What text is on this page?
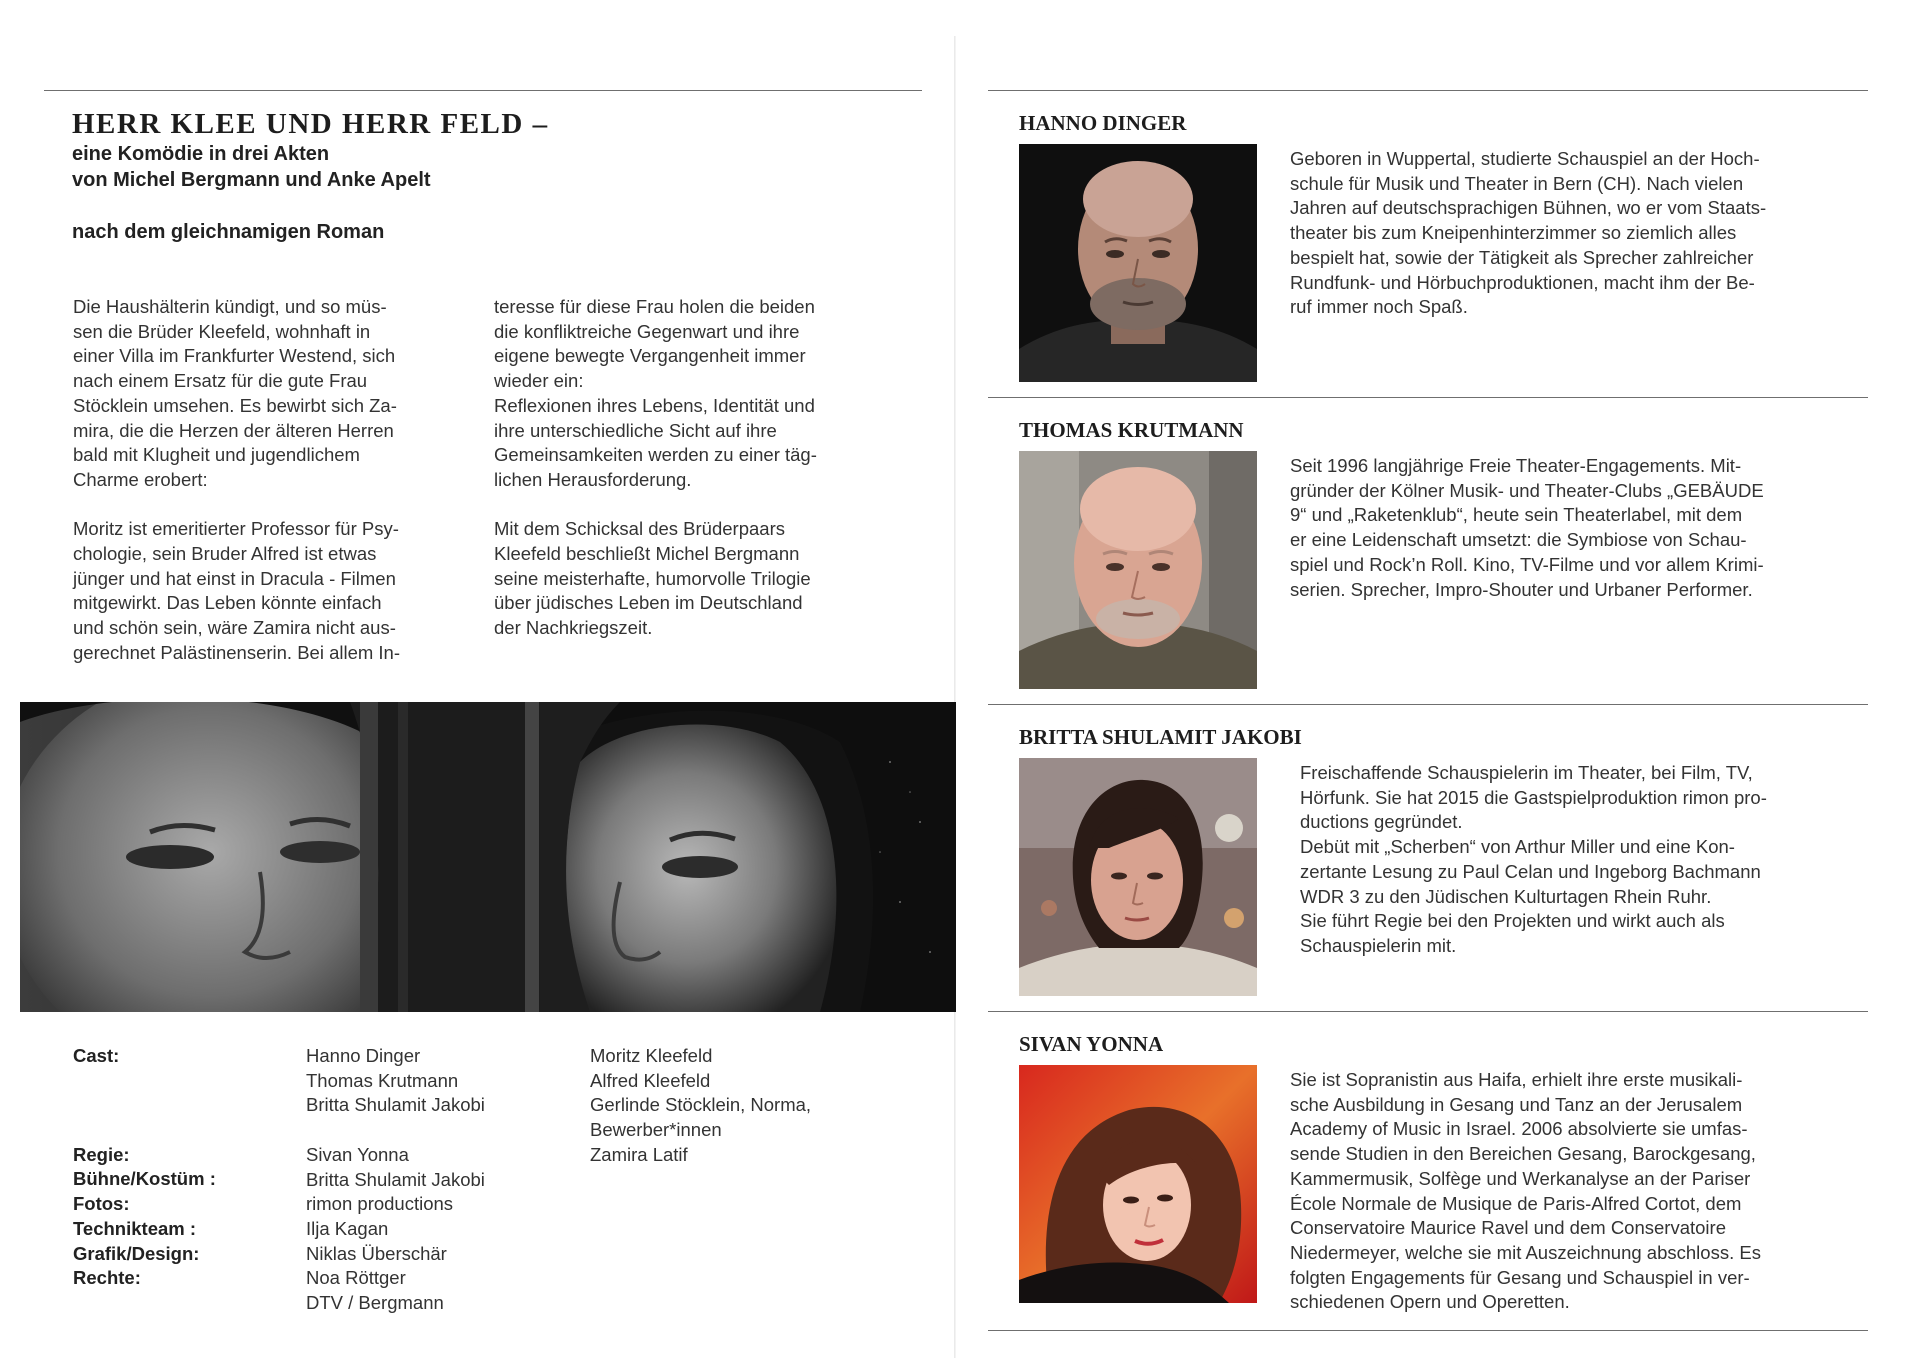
HERR KLEE UND HERR FELD –
eine Komödie in drei Akten
von Michel Bergmann und Anke Apelt
nach dem gleichnamigen Roman
Die Haushälterin kündigt, und so müs-
sen die Brüder Kleefeld, wohnhaft in
einer Villa im Frankfurter Westend, sich
nach einem Ersatz für die gute Frau
Stöcklein umsehen. Es bewirbt sich Za-
mira, die die Herzen der älteren Herren
bald mit Klugheit und jugendlichem
Charme erobert:

Moritz ist emeritierter Professor für Psy-
chologie, sein Bruder Alfred ist etwas
jünger und hat einst in Dracula - Filmen
mitgewirkt. Das Leben könnte einfach
und schön sein, wäre Zamira nicht aus-
gerechnet Palästinenserin. Bei allem In-
teresse für diese Frau holen die beiden
die konfliktreiche Gegenwart und ihre
eigene bewegte Vergangenheit immer
wieder ein:
Reflexionen ihres Lebens, Identität und
ihre unterschiedliche Sicht auf ihre
Gemeinsamkeiten werden zu einer täg-
lichen Herausforderung.

Mit dem Schicksal des Brüderpaars
Kleefeld beschließt Michel Bergmann
seine meisterhafte, humorvolle Trilogie
über jüdisches Leben im Deutschland
der Nachkriegszeit.
Cast:
Regie:
Bühne/Kostüm :
Fotos:
Technikteam :
Grafik/Design:
Rechte:
Hanno Dinger
Thomas Krutmann
Britta Shulamit Jakobi
Sivan Yonna
Britta Shulamit Jakobi
rimon productions
Ilja Kagan
Niklas Überschär
Noa Röttger
DTV / Bergmann
Moritz Kleefeld
Alfred Kleefeld
Gerlinde Stöcklein, Norma,
Bewerber*innen
Zamira Latif
HANNO DINGER
Geboren in Wuppertal, studierte Schauspiel an der Hoch-
schule für Musik und Theater in Bern (CH). Nach vielen
Jahren auf deutschsprachigen Bühnen, wo er vom Staats-
theater bis zum Kneipenhinterzimmer so ziemlich alles
bespielt hat, sowie der Tätigkeit als Sprecher zahlreicher
Rundfunk- und Hörbuchproduktionen, macht ihm der Be-
ruf immer noch Spaß.
THOMAS KRUTMANN
Seit 1996 langjährige Freie Theater-Engagements. Mit-
gründer der Kölner Musik- und Theater-Clubs „GEBÄUDE
9“ und „Raketenklub“, heute sein Theaterlabel, mit dem
er eine Leidenschaft umsetzt: die Symbiose von Schau-
spiel und Rock’n Roll. Kino, TV-Filme und vor allem Krimi-
serien. Sprecher, Impro-Shouter und Urbaner Performer.
BRITTA SHULAMIT JAKOBI
Freischaffende Schauspielerin im Theater, bei Film, TV,
Hörfunk. Sie hat 2015 die Gastspielproduktion rimon pro-
ductions gegründet.
Debüt mit „Scherben“ von Arthur Miller und eine Kon-
zertante Lesung zu Paul Celan und Ingeborg Bachmann
WDR 3 zu den Jüdischen Kulturtagen Rhein Ruhr.
Sie führt Regie bei den Projekten und wirkt auch als
Schauspielerin mit.
SIVAN YONNA
Sie ist Sopranistin aus Haifa, erhielt ihre erste musikali-
sche Ausbildung in Gesang und Tanz an der Jerusalem
Academy of Music in Israel. 2006 absolvierte sie umfas-
sende Studien in den Bereichen Gesang, Barockgesang,
Kammermusik, Solfège und Werkanalyse an der Pariser
École Normale de Musique de Paris-Alfred Cortot, dem
Conservatoire Maurice Ravel und dem Conservatoire
Niedermeyer, welche sie mit Auszeichnung abschloss. Es
folgten Engagements für Gesang und Schauspiel in ver-
schiedenen Opern und Operetten.
